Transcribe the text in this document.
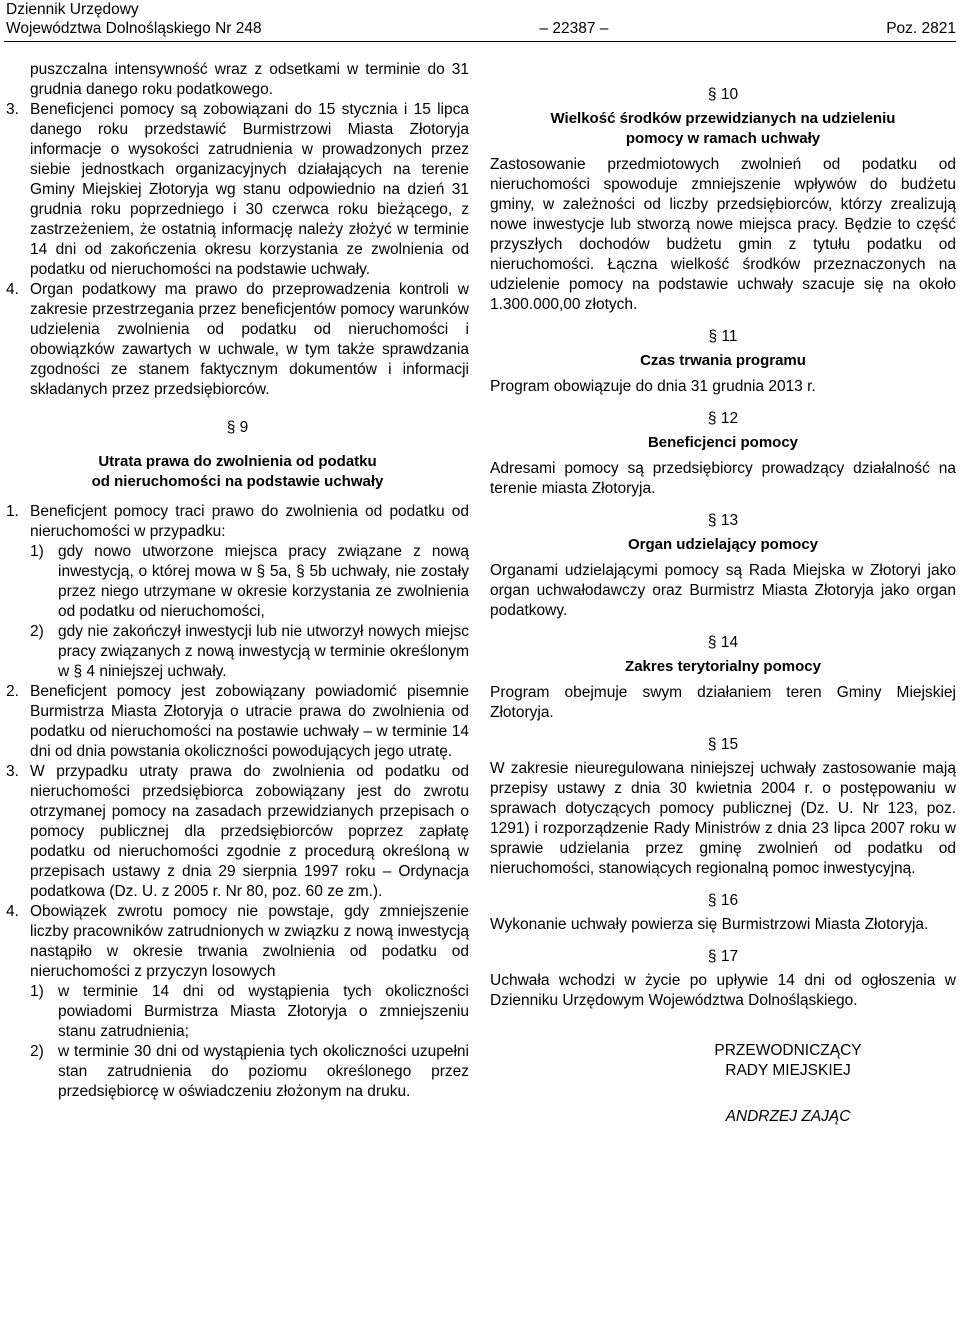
Dziennik Urzędowy
Województwa Dolnośląskiego Nr 248	– 22387 –	Poz. 2821

puszczalna intensywność wraz z odsetkami w terminie do 31 grudnia danego roku podatkowego.

3. Beneficjenci pomocy są zobowiązani do 15 stycznia i 15 lipca danego roku przedstawić Burmistrzowi Miasta Złotoryja informacje o wysokości zatrudnienia w prowadzonych przez siebie jednostkach organizacyjnych działających na terenie Gminy Miejskiej Złotoryja wg stanu odpowiednio na dzień 31 grudnia roku poprzedniego i 30 czerwca roku bieżącego, z zastrzeżeniem, że ostatnią informację należy złożyć w terminie 14 dni od zakończenia okresu korzystania ze zwolnienia od podatku od nieruchomości na podstawie uchwały.
4. Organ podatkowy ma prawo do przeprowadzenia kontroli w zakresie przestrzegania przez beneficjentów pomocy warunków udzielenia zwolnienia od podatku od nieruchomości i obowiązków zawartych w uchwale, w tym także sprawdzania zgodności ze stanem faktycznym dokumentów i informacji składanych przez przedsiębiorców.
§ 9
Utrata prawa do zwolnienia od podatku
od nieruchomości na podstawie uchwały
1. Beneficjent pomocy traci prawo do zwolnienia od podatku od nieruchomości w przypadku:
1) gdy nowo utworzone miejsca pracy związane z nową inwestycją, o której mowa w § 5a, § 5b uchwały, nie zostały przez niego utrzymane w okresie korzystania ze zwolnienia od podatku od nieruchomości,
2) gdy nie zakończył inwestycji lub nie utworzył nowych miejsc pracy związanych z nową inwestycją w terminie określonym w § 4 niniejszej uchwały.
2. Beneficjent pomocy jest zobowiązany powiadomić pisemnie Burmistrza Miasta Złotoryja o utracie prawa do zwolnienia od podatku od nieruchomości na postawie uchwały – w terminie 14 dni od dnia powstania okoliczności powodujących jego utratę.
3. W przypadku utraty prawa do zwolnienia od podatku od nieruchomości przedsiębiorca zobowiązany jest do zwrotu otrzymanej pomocy na zasadach przewidzianych przepisach o pomocy publicznej dla przedsiębiorców poprzez zapłatę podatku od nieruchomości zgodnie z procedurą określoną w przepisach ustawy z dnia 29 sierpnia 1997 roku – Ordynacja podatkowa (Dz. U. z 2005 r. Nr 80, poz. 60 ze zm.).
4. Obowiązek zwrotu pomocy nie powstaje, gdy zmniejszenie liczby pracowników zatrudnionych w związku z nową inwestycją nastąpiło w okresie trwania zwolnienia od podatku od nieruchomości z przyczyn losowych
1) w terminie 14 dni od wystąpienia tych okoliczności powiadomi Burmistrza Miasta Złotoryja o zmniejszeniu stanu zatrudnienia;
2) w terminie 30 dni od wystąpienia tych okoliczności uzupełni stan zatrudnienia do poziomu określonego przez przedsiębiorcę w oświadczeniu złożonym na druku.
§ 10
Wielkość środków przewidzianych na udzieleniu
pomocy w ramach uchwały

Zastosowanie przedmiotowych zwolnień od podatku od nieruchomości spowoduje zmniejszenie wpływów do budżetu gminy, w zależności od liczby przedsiębiorców, którzy zrealizują nowe inwestycje lub stworzą nowe miejsca pracy. Będzie to część przyszłych dochodów budżetu gmin z tytułu podatku od nieruchomości. Łączna wielkość środków przeznaczonych na udzielenie pomocy na podstawie uchwały szacuje się na około 1.300.000,00 złotych.

§ 11
Czas trwania programu

Program obowiązuje do dnia 31 grudnia 2013 r.

§ 12
Beneficjenci pomocy

Adresami pomocy są przedsiębiorcy prowadzący działalność na terenie miasta Złotoryja.

§ 13
Organ udzielający pomocy

Organami udzielającymi pomocy są Rada Miejska w Złotoryi jako organ uchwałodawczy oraz Burmistrz Miasta Złotoryja jako organ podatkowy.

§ 14
Zakres terytorialny pomocy

Program obejmuje swym działaniem teren Gminy Miejskiej Złotoryja.

§ 15

W zakresie nieuregulowana niniejszej uchwały zastosowanie mają przepisy ustawy z dnia 30 kwietnia 2004 r. o postępowaniu w sprawach dotyczących pomocy publicznej (Dz. U. Nr 123, poz. 1291) i rozporządzenie Rady Ministrów z dnia 23 lipca 2007 roku w sprawie udzielania przez gminę zwolnień od podatku od nieruchomości, stanowiących regionalną pomoc inwestycyjną.

§ 16

Wykonanie uchwały powierza się Burmistrzowi Miasta Złotoryja.

§ 17

Uchwała wchodzi w życie po upływie 14 dni od ogłoszenia w Dzienniku Urzędowym Województwa Dolnośląskiego.

PRZEWODNICZĄCY
RADY MIEJSKIEJ
ANDRZEJ ZAJĄC
